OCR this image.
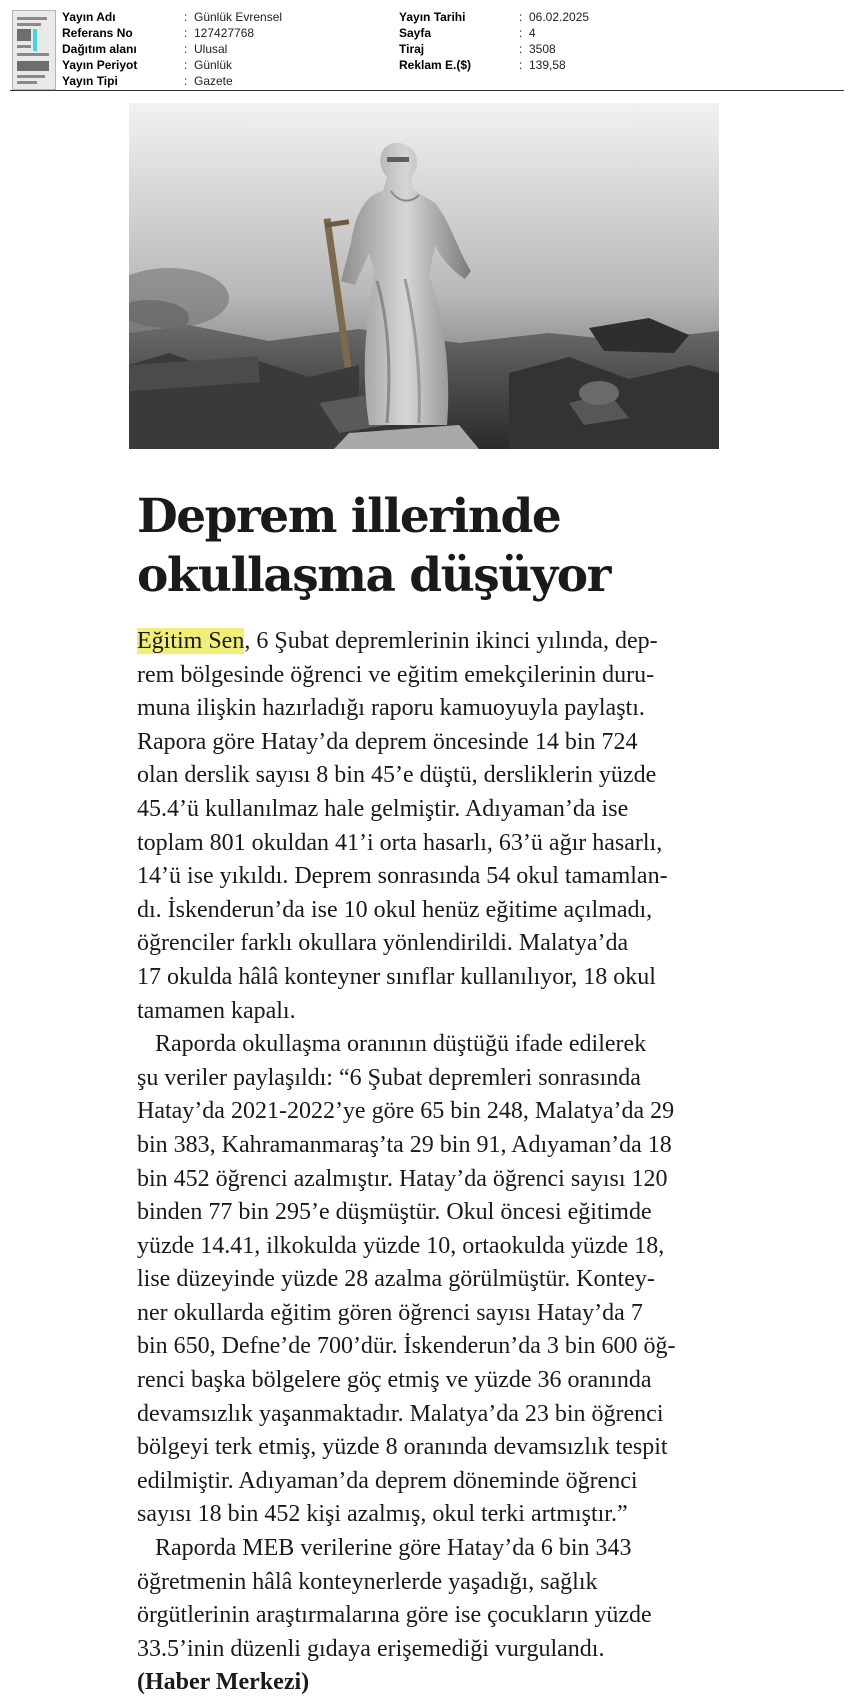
Yayın Adı	: Günlük Evrensel
Referans No	: 127427768
Dağıtım alanı	: Ulusal
Yayın Periyot	: Günlük
Yayın Tipi	: Gazete
Yayın Tarihi	: 06.02.2025
Sayfa	: 4
Tiraj	: 3508
Reklam E.($)	: 139,58
Deprem illerinde
okullaşma düşüyor
Eğitim Sen, 6 Şubat depremlerinin ikinci yılında, dep-
rem bölgesinde öğrenci ve eğitim emekçilerinin duru-
muna ilişkin hazırladığı raporu kamuoyuyla paylaştı.
Rapora göre Hatay’da deprem öncesinde 14 bin 724
olan derslik sayısı 8 bin 45’e düştü, dersliklerin yüzde
45.4’ü kullanılmaz hale gelmiştir. Adıyaman’da ise
toplam 801 okuldan 41’i orta hasarlı, 63’ü ağır hasarlı,
14’ü ise yıkıldı. Deprem sonrasında 54 okul tamamlan-
dı. İskenderun’da ise 10 okul henüz eğitime açılmadı,
öğrenciler farklı okullara yönlendirildi. Malatya’da
17 okulda hâlâ konteyner sınıflar kullanılıyor, 18 okul
tamamen kapalı.
Raporda okullaşma oranının düştüğü ifade edilerek
şu veriler paylaşıldı: “6 Şubat depremleri sonrasında
Hatay’da 2021-2022’ye göre 65 bin 248, Malatya’da 29
bin 383, Kahramanmaraş’ta 29 bin 91, Adıyaman’da 18
bin 452 öğrenci azalmıştır. Hatay’da öğrenci sayısı 120
binden 77 bin 295’e düşmüştür. Okul öncesi eğitimde
yüzde 14.41, ilkokulda yüzde 10, ortaokulda yüzde 18,
lise düzeyinde yüzde 28 azalma görülmüştür. Kontey-
ner okullarda eğitim gören öğrenci sayısı Hatay’da 7
bin 650, Defne’de 700’dür. İskenderun’da 3 bin 600 öğ-
renci başka bölgelere göç etmiş ve yüzde 36 oranında
devamsızlık yaşanmaktadır. Malatya’da 23 bin öğrenci
bölgeyi terk etmiş, yüzde 8 oranında devamsızlık tespit
edilmiştir. Adıyaman’da deprem döneminde öğrenci
sayısı 18 bin 452 kişi azalmış, okul terki artmıştır.”
Raporda MEB verilerine göre Hatay’da 6 bin 343
öğretmenin hâlâ konteynerlerde yaşadığı, sağlık
örgütlerinin araştırmalarına göre ise çocukların yüzde
33.5’inin düzenli gıdaya erişemediği vurgulandı.
(Haber Merkezi)
